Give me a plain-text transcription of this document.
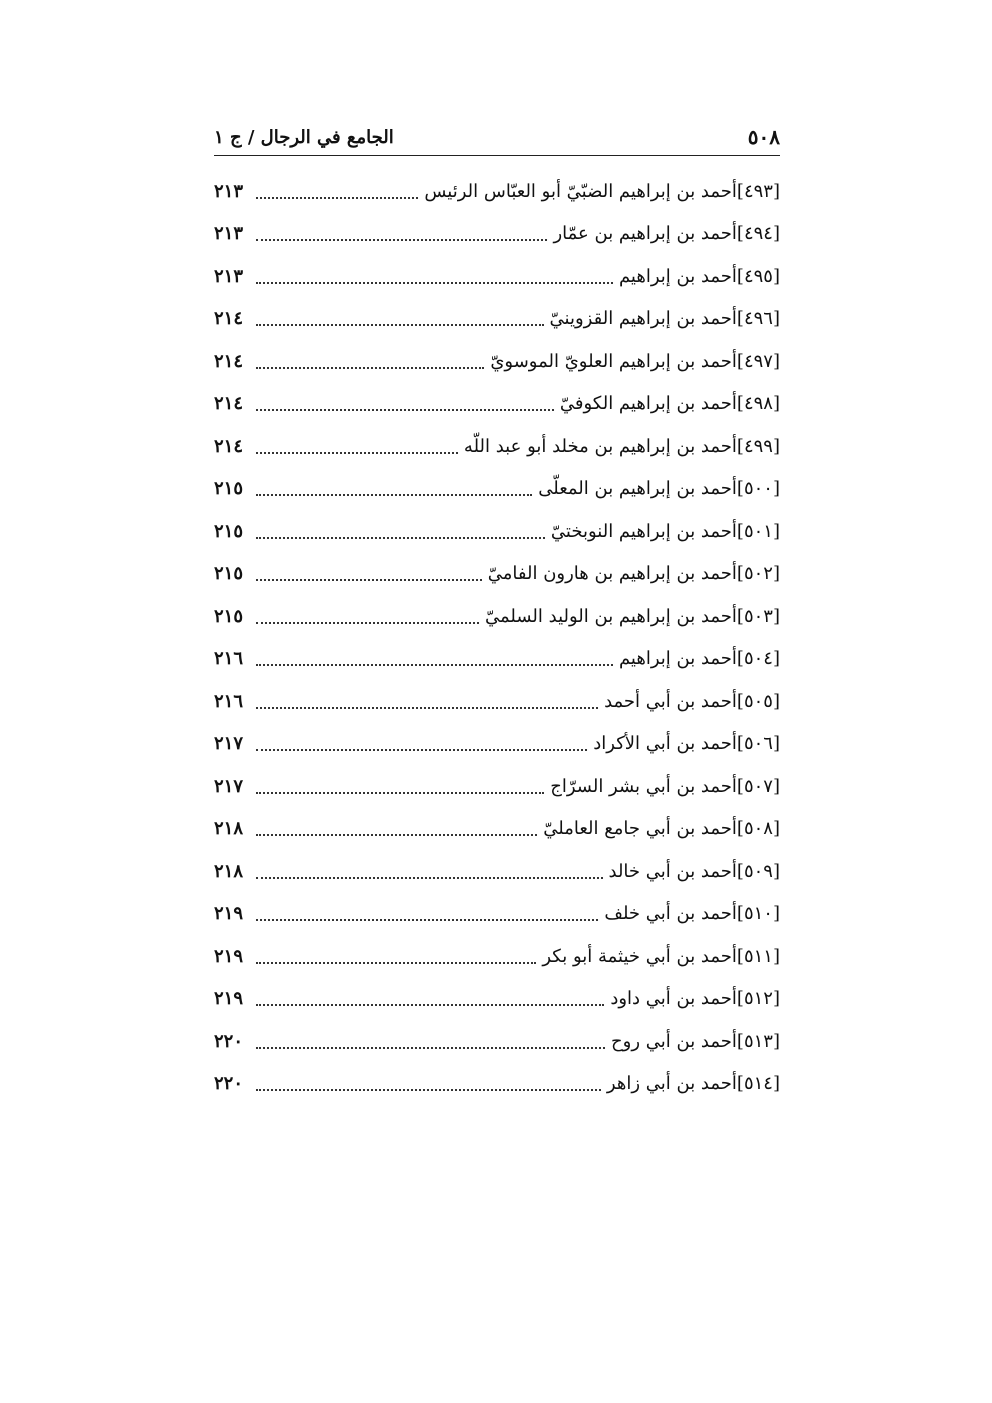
٥٠٨
الجامع في الرجال / ج ١
[٤٩٣]
أحمد بن إبراهيم الضبّيّ أبو العبّاس الرئيس
٢١٣
[٤٩٤]
أحمد بن إبراهيم بن عمّار
٢١٣
[٤٩٥]
أحمد بن إبراهيم
٢١٣
[٤٩٦]
أحمد بن إبراهيم القزوينيّ
٢١٤
[٤٩٧]
أحمد بن إبراهيم العلويّ الموسويّ
٢١٤
[٤٩٨]
أحمد بن إبراهيم الكوفيّ
٢١٤
[٤٩٩]
أحمد بن إبراهيم بن مخلد أبو عبد اللّه
٢١٤
[٥٠٠]
أحمد بن إبراهيم بن المعلّى
٢١٥
[٥٠١]
أحمد بن إبراهيم النوبختيّ
٢١٥
[٥٠٢]
أحمد بن إبراهيم بن هارون الفاميّ
٢١٥
[٥٠٣]
أحمد بن إبراهيم بن الوليد السلميّ
٢١٥
[٥٠٤]
أحمد بن إبراهيم
٢١٦
[٥٠٥]
أحمد بن أبي أحمد
٢١٦
[٥٠٦]
أحمد بن أبي الأكراد
٢١٧
[٥٠٧]
أحمد بن أبي بشر السرّاج
٢١٧
[٥٠٨]
أحمد بن أبي جامع العامليّ
٢١٨
[٥٠٩]
أحمد بن أبي خالد
٢١٨
[٥١٠]
أحمد بن أبي خلف
٢١٩
[٥١١]
أحمد بن أبي خيثمة أبو بكر
٢١٩
[٥١٢]
أحمد بن أبي داود
٢١٩
[٥١٣]
أحمد بن أبي روح
٢٢٠
[٥١٤]
أحمد بن أبي زاهر
٢٢٠
